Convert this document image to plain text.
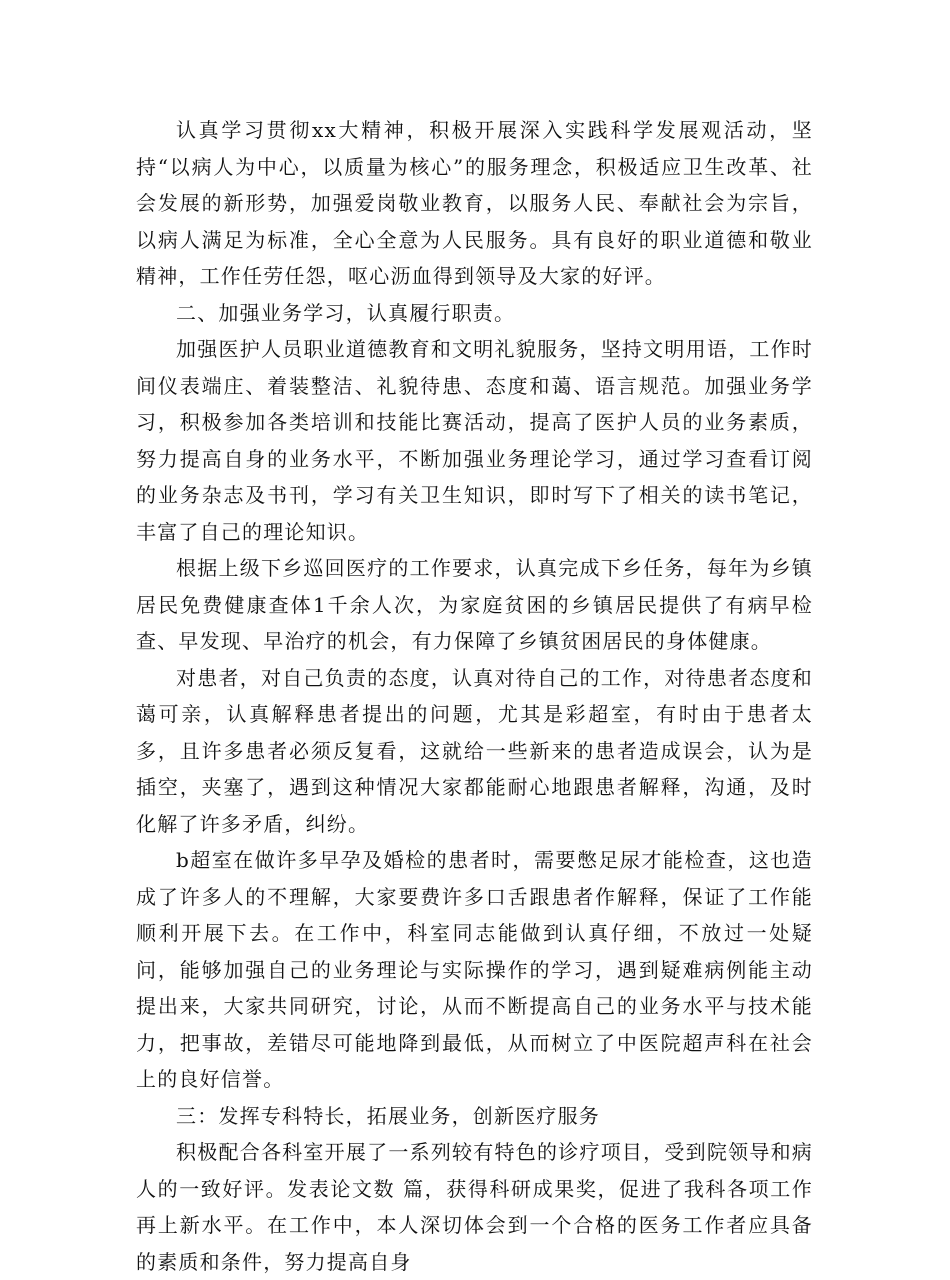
认真学习贯彻xx大精神，积极开展深入实践科学发展观活动，坚持“以病人为中心，以质量为核心”的服务理念，积极适应卫生改革、社会发展的新形势，加强爱岗敬业教育，以服务人民、奉献社会为宗旨，以病人满足为标准，全心全意为人民服务。具有良好的职业道德和敬业精神，工作任劳任怨，呕心沥血得到领导及大家的好评。

二、加强业务学习，认真履行职责。

加强医护人员职业道德教育和文明礼貌服务，坚持文明用语，工作时间仪表端庄、着装整洁、礼貌待患、态度和蔼、语言规范。加强业务学习，积极参加各类培训和技能比赛活动，提高了医护人员的业务素质，努力提高自身的业务水平，不断加强业务理论学习，通过学习查看订阅的业务杂志及书刊，学习有关卫生知识，即时写下了相关的读书笔记，丰富了自己的理论知识。

根据上级下乡巡回医疗的工作要求，认真完成下乡任务，每年为乡镇居民免费健康查体1千余人次，为家庭贫困的乡镇居民提供了有病早检查、早发现、早治疗的机会，有力保障了乡镇贫困居民的身体健康。

对患者，对自己负责的态度，认真对待自己的工作，对待患者态度和蔼可亲，认真解释患者提出的问题，尤其是彩超室，有时由于患者太多，且许多患者必须反复看，这就给一些新来的患者造成误会，认为是插空，夹塞了，遇到这种情况大家都能耐心地跟患者解释，沟通，及时化解了许多矛盾，纠纷。

b超室在做许多早孕及婚检的患者时，需要憋足尿才能检查，这也造成了许多人的不理解，大家要费许多口舌跟患者作解释，保证了工作能顺利开展下去。在工作中，科室同志能做到认真仔细，不放过一处疑问，能够加强自己的业务理论与实际操作的学习，遇到疑难病例能主动提出来，大家共同研究，讨论，从而不断提高自己的业务水平与技术能力，把事故，差错尽可能地降到最低，从而树立了中医院超声科在社会上的良好信誉。

三：发挥专科特长，拓展业务，创新医疗服务

积极配合各科室开展了一系列较有特色的诊疗项目，受到院领导和病人的一致好评。发表论文数 篇，获得科研成果奖，促进了我科各项工作再上新水平。在工作中，本人深切体会到一个合格的医务工作者应具备的素质和条件，努力提高自身
